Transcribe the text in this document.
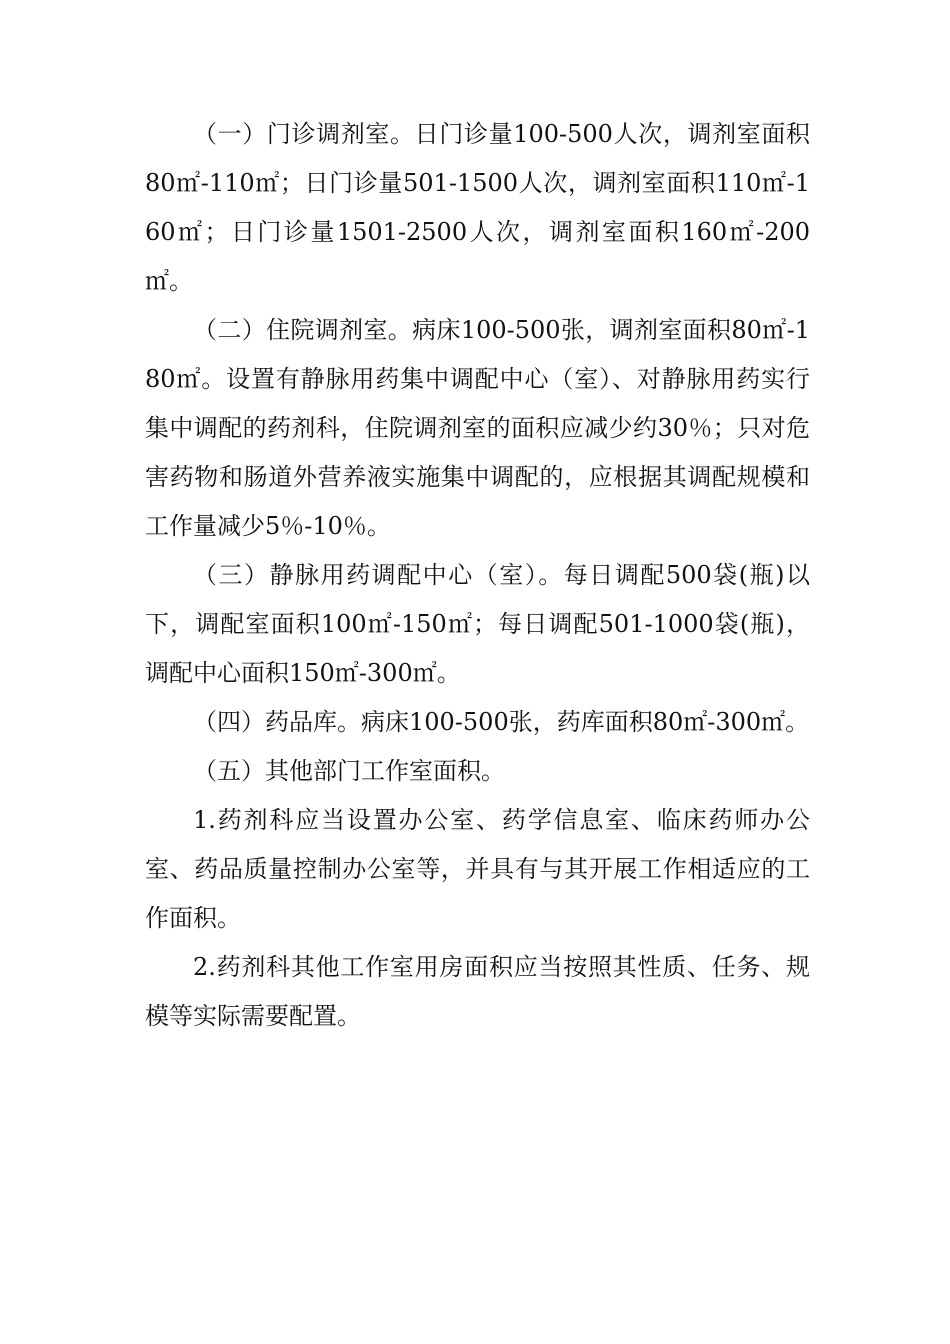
（一）门诊调剂室。日门诊量100-500人次，调剂室面积80㎡-110㎡；日门诊量501-1500人次，调剂室面积110㎡-160㎡；日门诊量1501-2500人次，调剂室面积160㎡-200㎡。

（二）住院调剂室。病床100-500张，调剂室面积80㎡-180㎡。设置有静脉用药集中调配中心（室）、对静脉用药实行集中调配的药剂科，住院调剂室的面积应减少约30％；只对危害药物和肠道外营养液实施集中调配的，应根据其调配规模和工作量减少5％-10％。

（三）静脉用药调配中心（室）。每日调配500袋(瓶)以下，调配室面积100㎡-150㎡；每日调配501-1000袋(瓶)，调配中心面积150㎡-300㎡。

（四）药品库。病床100-500张，药库面积80㎡-300㎡。

（五）其他部门工作室面积。

1.药剂科应当设置办公室、药学信息室、临床药师办公室、药品质量控制办公室等，并具有与其开展工作相适应的工作面积。

2.药剂科其他工作室用房面积应当按照其性质、任务、规模等实际需要配置。
